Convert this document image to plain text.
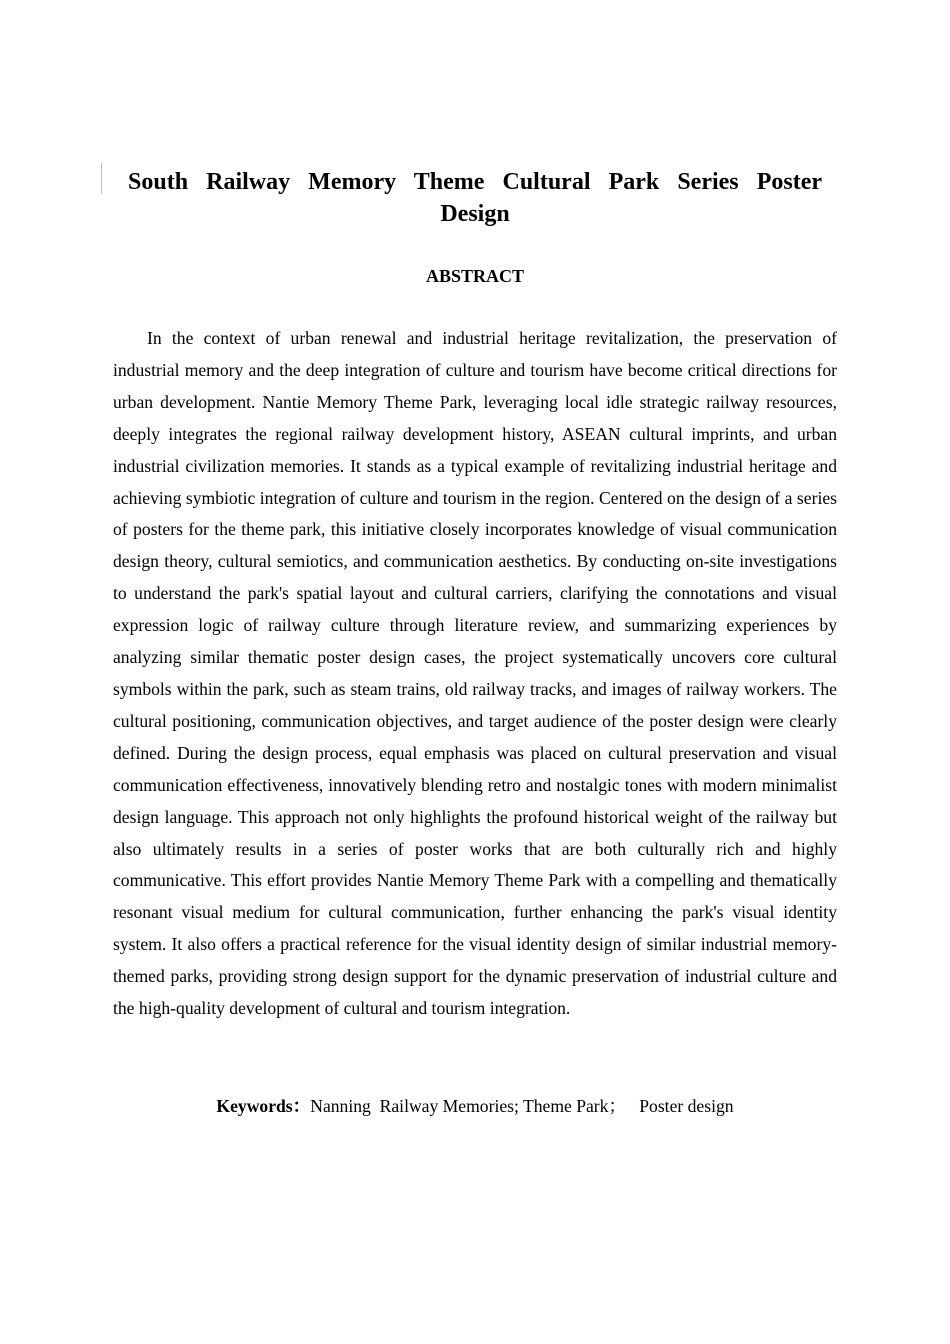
South Railway Memory Theme Cultural Park Series Poster Design
ABSTRACT

In the context of urban renewal and industrial heritage revitalization, the preservation of industrial memory and the deep integration of culture and tourism have become critical directions for urban development. Nantie Memory Theme Park, leveraging local idle strategic railway resources, deeply integrates the regional railway development history, ASEAN cultural imprints, and urban industrial civilization memories. It stands as a typical example of revitalizing industrial heritage and achieving symbiotic integration of culture and tourism in the region. Centered on the design of a series of posters for the theme park, this initiative closely incorporates knowledge of visual communication design theory, cultural semiotics, and communication aesthetics. By conducting on-site investigations to understand the park's spatial layout and cultural carriers, clarifying the connotations and visual expression logic of railway culture through literature review, and summarizing experiences by analyzing similar thematic poster design cases, the project systematically uncovers core cultural symbols within the park, such as steam trains, old railway tracks, and images of railway workers. The cultural positioning, communication objectives, and target audience of the poster design were clearly defined. During the design process, equal emphasis was placed on cultural preservation and visual communication effectiveness, innovatively blending retro and nostalgic tones with modern minimalist design language. This approach not only highlights the profound historical weight of the railway but also ultimately results in a series of poster works that are both culturally rich and highly communicative. This effort provides Nantie Memory Theme Park with a compelling and thematically resonant visual medium for cultural communication, further enhancing the park's visual identity system. It also offers a practical reference for the visual identity design of similar industrial memory-themed parks, providing strong design support for the dynamic preservation of industrial culture and the high-quality development of cultural and tourism integration.

Keywords：Nanning  Railway Memories; Theme Park；   Poster design
